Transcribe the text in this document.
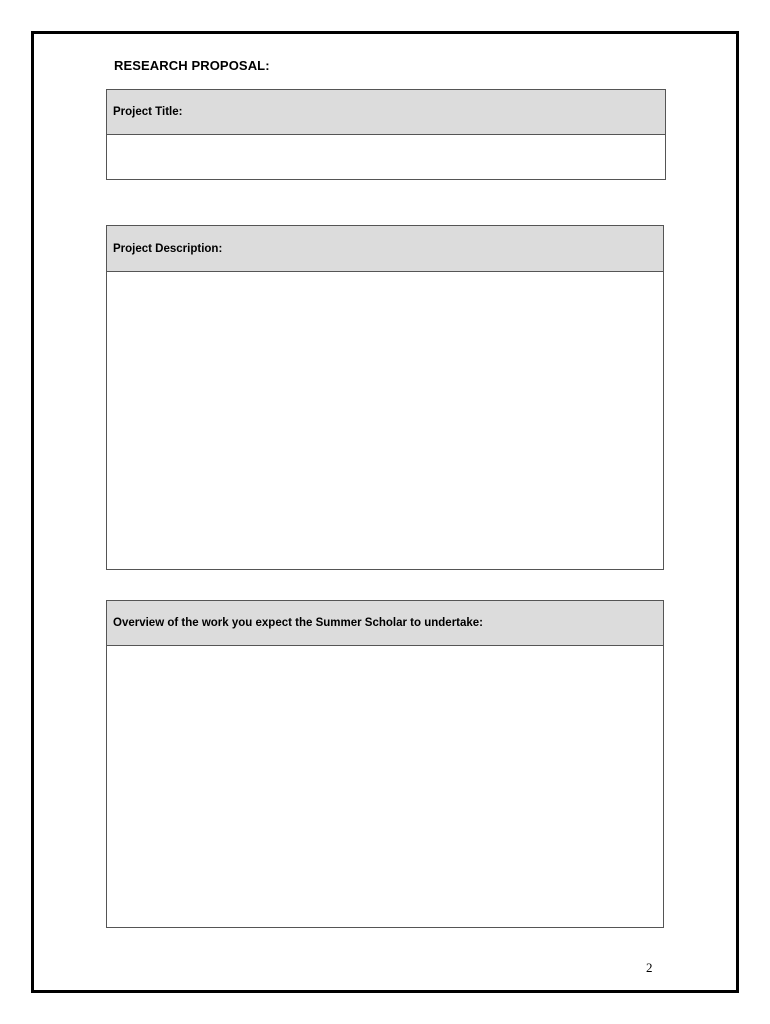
RESEARCH PROPOSAL:
Project Title:
Project Description:
Overview of the work you expect the Summer Scholar to undertake:
2
